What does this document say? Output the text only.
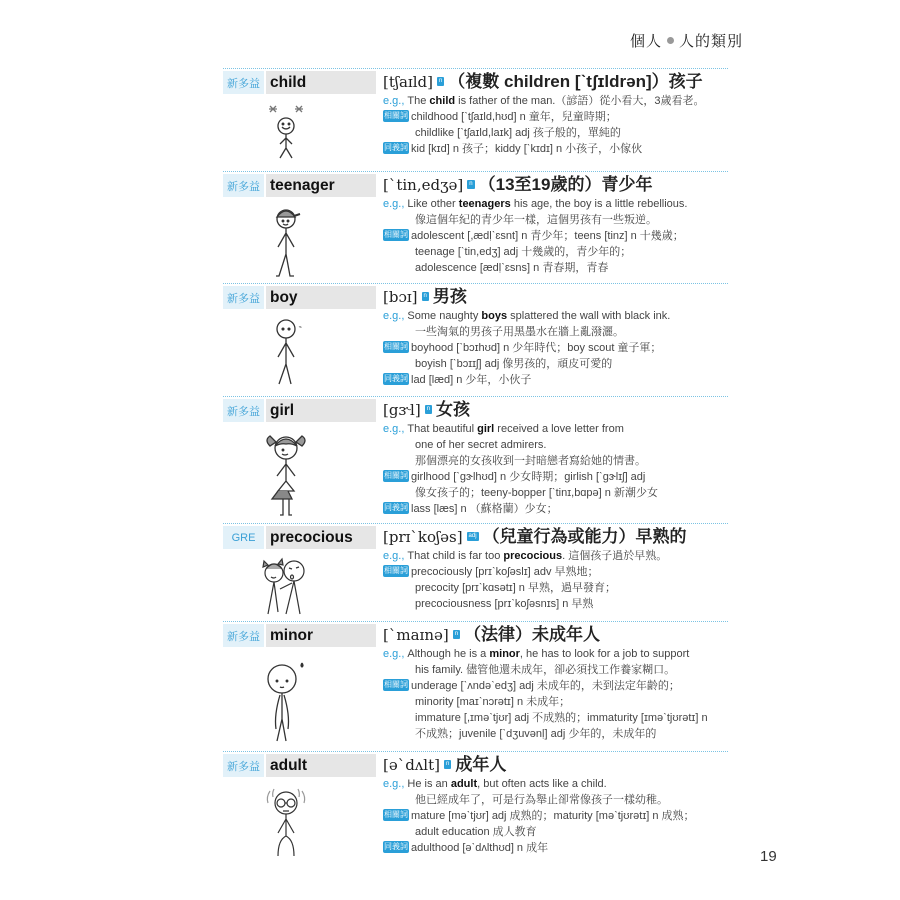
個人 人的類別
新多益 child	[tʃaɪld] n （複數 children [ˋtʃɪldrən]）孩子
e.g., The child is father of the man.（諺語）從小看大，3歲看老。
相關詞 childhood [ˋtʃaɪld,hʊd] n 童年，兒童時期；
childlike [ˋtʃaɪld,laɪk] adj 孩子般的，單純的
同義詞 kid [kɪd] n 孩子；kiddy [ˋkɪdɪ] n 小孩子，小傢伙
新多益 teenager	[ˋtin,edʒə] n （13至19歲的）青少年
e.g., Like other teenagers his age, the boy is a little rebellious.
像這個年紀的青少年一樣，這個男孩有一些叛逆。
相關詞 adolescent [,ædḷˋɛsnt] n 青少年；teens [tinz] n 十幾歲；
teenage [ˋtin,edʒ] adj 十幾歲的，青少年的；
adolescence [ædḷˋɛsns] n 青春期，青春
新多益 boy	[bɔɪ] n 男孩
e.g., Some naughty boys splattered the wall with black ink.
一些淘氣的男孩子用黑墨水在牆上亂潑灑。
相關詞 boyhood [ˋbɔɪhʊd] n 少年時代；boy scout 童子軍；
boyish [ˋbɔɪɪʃ] adj 像男孩的，頑皮可愛的
同義詞 lad [læd] n 少年，小伙子
新多益 girl	[gɝl] n 女孩
e.g., That beautiful girl received a love letter from
one of her secret admirers.
那個漂亮的女孩收到一封暗戀者寫給她的情書。
相關詞 girlhood [ˋgɝlhʊd] n 少女時期；girlish [ˋgɝlɪʃ] adj
像女孩子的；teeny-bopper [ˋtinɪ,bɑpə] n 新潮少女
同義詞 lass [læs] n （蘇格蘭）少女；
GRE precocious	[prɪˋkoʃəs] adj （兒童行為或能力）早熟的
e.g., That child is far too precocious. 這個孩子過於早熟。
相關詞 precociously [prɪˋkoʃəslɪ] adv 早熟地；
precocity [prɪˋkɑsətɪ] n 早熟，過早發育；
precociousness [prɪˋkoʃəsnɪs] n 早熟
新多益 minor	[ˋmaɪnə] n （法律）未成年人
e.g., Although he is a minor, he has to look for a job to support
his family. 儘管他還未成年，卻必須找工作養家糊口。
相關詞 underage [ˋʌndəˋedʒ] adj 未成年的，未到法定年齡的；
minority [maɪˋnɔrətɪ] n 未成年；
immature [,ɪməˋtjʊr] adj 不成熟的；immaturity [ɪməˋtjʊrətɪ] n
不成熟；juvenile [ˋdʒuvənḷ] adj 少年的，未成年的
新多益 adult	[əˋdʌlt] n 成年人
e.g., He is an adult, but often acts like a child.
他已經成年了，可是行為舉止卻常像孩子一樣幼稚。
相關詞 mature [məˋtjʊr] adj 成熟的；maturity [məˋtjʊrətɪ] n 成熟；
adult education 成人教育
同義詞 adulthood [əˋdʌlthʊd] n 成年	19
